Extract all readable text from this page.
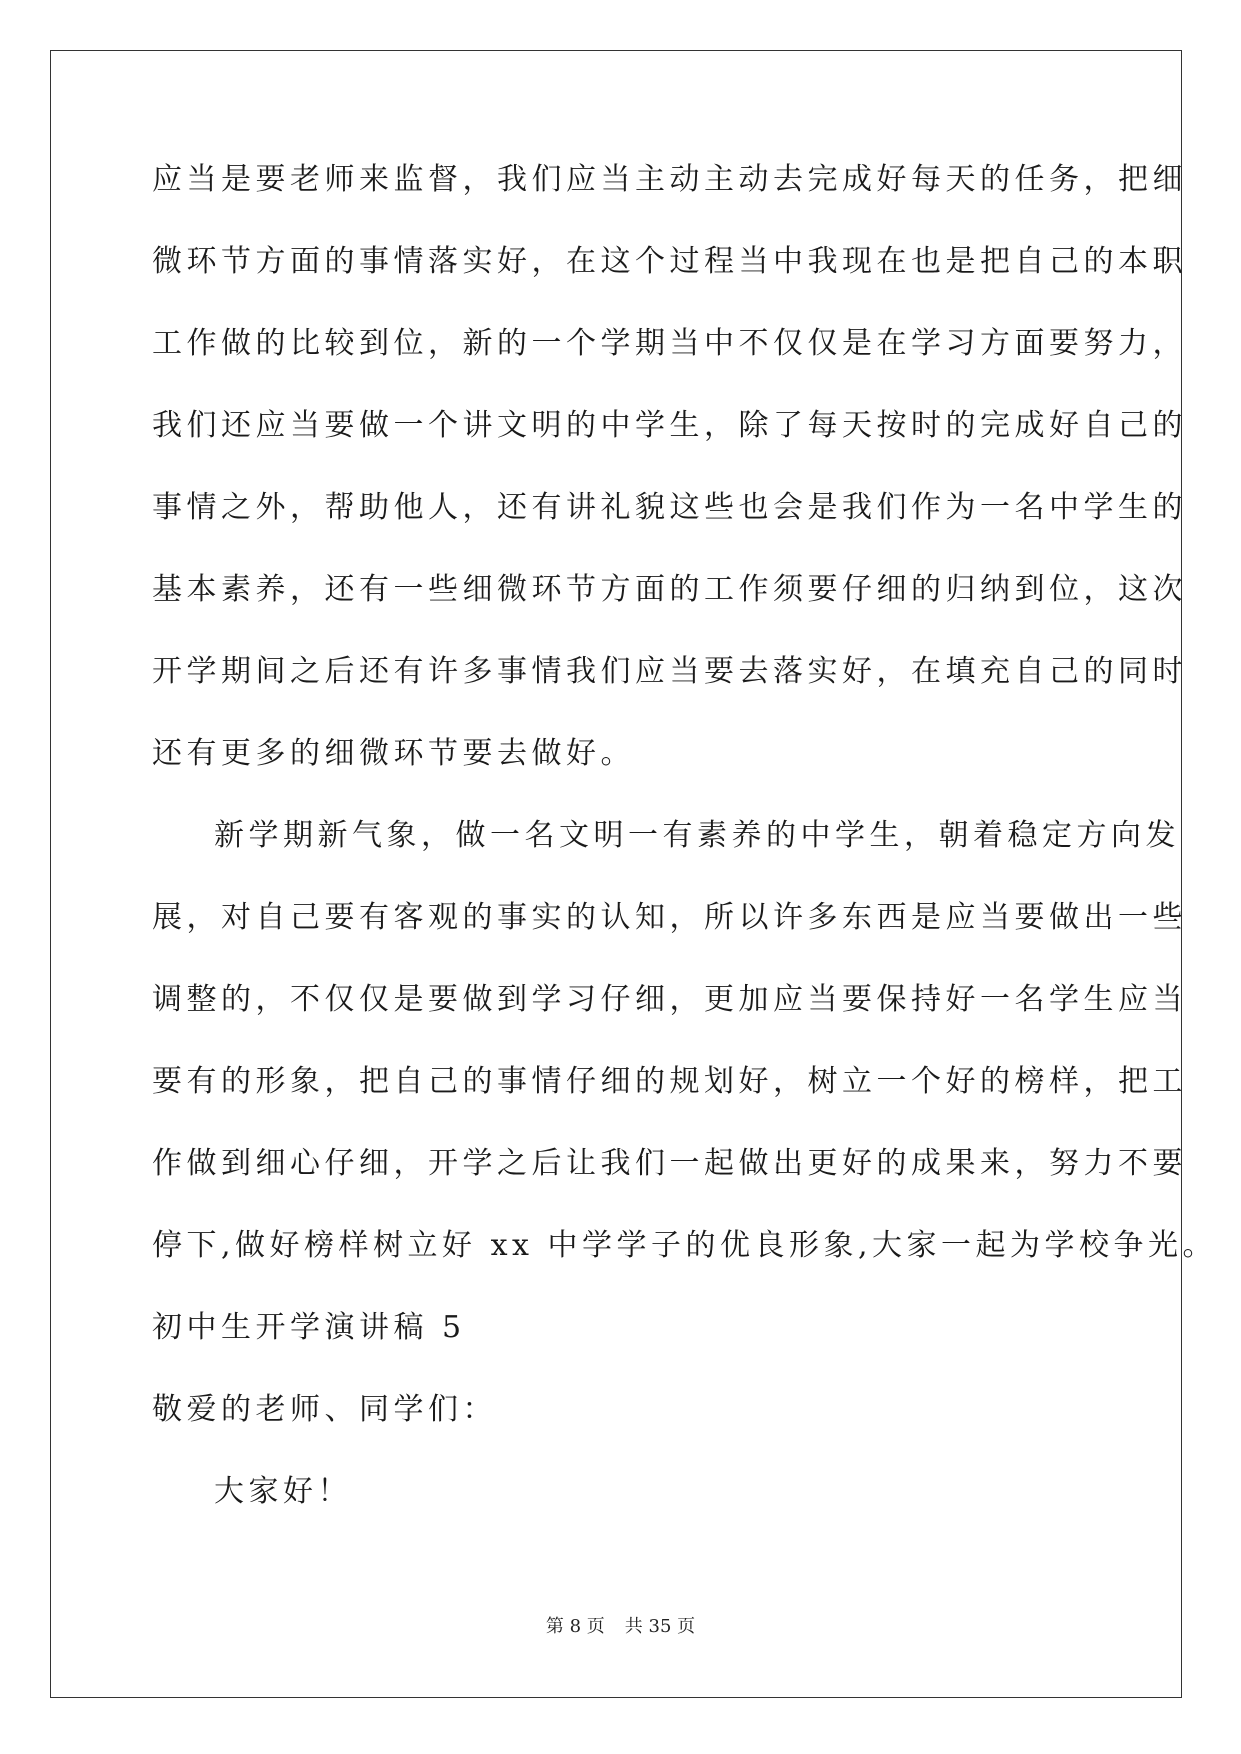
应当是要老师来监督，我们应当主动主动去完成好每天的任务，把细
微环节方面的事情落实好，在这个过程当中我现在也是把自己的本职
工作做的比较到位，新的一个学期当中不仅仅是在学习方面要努力，
我们还应当要做一个讲文明的中学生，除了每天按时的完成好自己的
事情之外，帮助他人，还有讲礼貌这些也会是我们作为一名中学生的
基本素养，还有一些细微环节方面的工作须要仔细的归纳到位，这次
开学期间之后还有许多事情我们应当要去落实好，在填充自己的同时
还有更多的细微环节要去做好。
新学期新气象，做一名文明一有素养的中学生，朝着稳定方向发
展，对自己要有客观的事实的认知，所以许多东西是应当要做出一些
调整的，不仅仅是要做到学习仔细，更加应当要保持好一名学生应当
要有的形象，把自己的事情仔细的规划好，树立一个好的榜样，把工
作做到细心仔细，开学之后让我们一起做出更好的成果来，努力不要
停下,做好榜样树立好 xx 中学学子的优良形象,大家一起为学校争光。
初中生开学演讲稿 5
敬爱的老师、同学们：
大家好！
第 8 页 共 35 页
